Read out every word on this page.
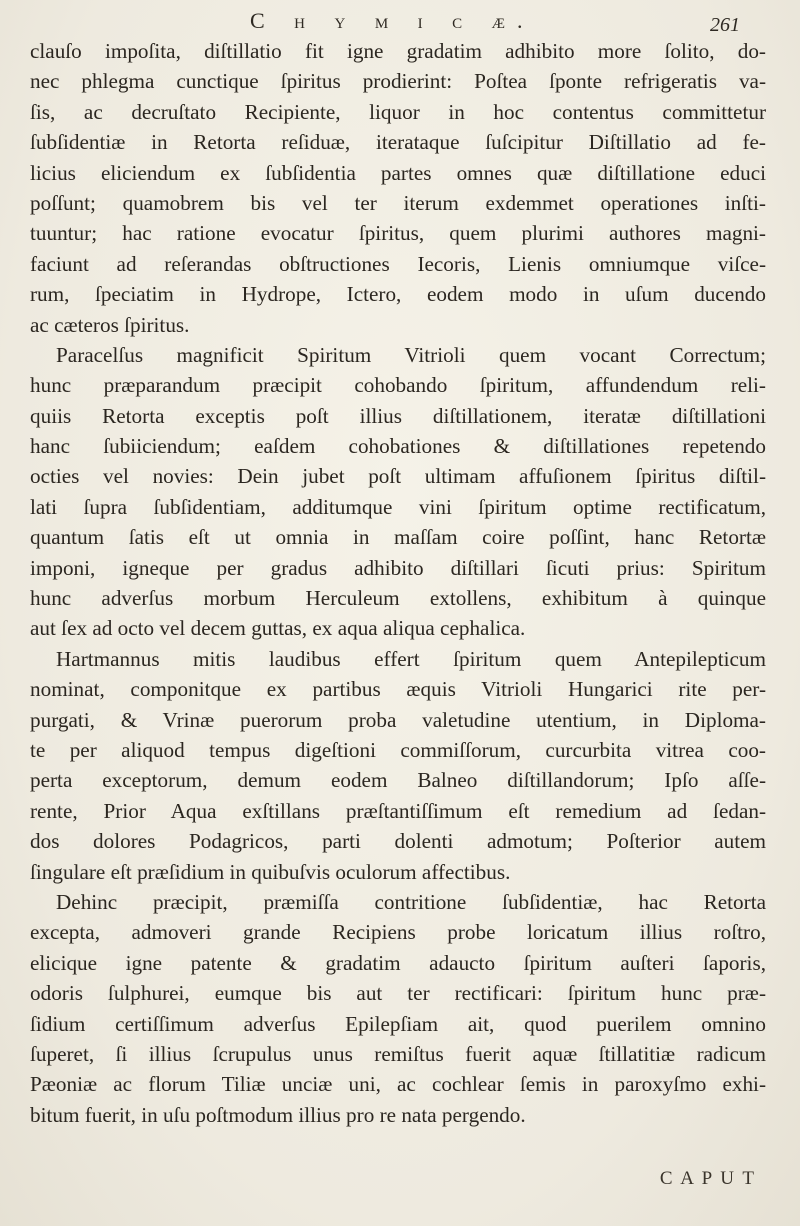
C h y m i c æ.	261
clauſo impoſita, diſtillatio fit igne gradatim adhibito more ſolito, do-
nec phlegma cunctique ſpiritus prodierint: Poſtea ſponte refrigeratis va-
ſis, ac decruſtato Recipiente, liquor in hoc contentus committetur
ſubſidentiæ in Retorta reſiduæ, iterataque ſuſcipitur Diſtillatio ad fe-
licius eliciendum ex ſubſidentia partes omnes quæ diſtillatione educi
poſſunt; quamobrem bis vel ter iterum exdemmet operationes inſti-
tuuntur; hac ratione evocatur ſpiritus, quem plurimi authores magni-
faciunt ad reſerandas obſtructiones Iecoris, Lienis omniumque viſce-
rum, ſpeciatim in Hydrope, Ictero, eodem modo in uſum ducendo
ac cæteros ſpiritus.
Paracelſus magnificit Spiritum Vitrioli quem vocant Correctum;
hunc præparandum præcipit cohobando ſpiritum, affundendum reli-
quiis Retorta exceptis poſt illius diſtillationem, iteratæ diſtillationi
hanc ſubiiciendum; eaſdem cohobationes & diſtillationes repetendo
octies vel novies: Dein jubet poſt ultimam affuſionem ſpiritus diſtil-
lati ſupra ſubſidentiam, additumque vini ſpiritum optime rectificatum,
quantum ſatis eſt ut omnia in maſſam coire poſſint, hanc Retortæ
imponi, igneque per gradus adhibito diſtillari ſicuti prius: Spiritum
hunc adverſus morbum Herculeum extollens, exhibitum à quinque
aut ſex ad octo vel decem guttas, ex aqua aliqua cephalica.
Hartmannus mitis laudibus effert ſpiritum quem Antepilepticum
nominat, componitque ex partibus æquis Vitrioli Hungarici rite per-
purgati, & Vrinæ puerorum proba valetudine utentium, in Diploma-
te per aliquod tempus digeſtioni commiſſorum, curcurbita vitrea coo-
perta exceptorum, demum eodem Balneo diſtillandorum; Ipſo aſſe-
rente, Prior Aqua exſtillans præſtantiſſimum eſt remedium ad ſedan-
dos dolores Podagricos, parti dolenti admotum; Poſterior autem
ſingulare eſt præſidium in quibuſvis oculorum affectibus.
Dehinc præcipit, præmiſſa contritione ſubſidentiæ, hac Retorta
excepta, admoveri grande Recipiens probe loricatum illius roſtro,
elicique igne patente & gradatim adaucto ſpiritum auſteri ſaporis,
odoris ſulphurei, eumque bis aut ter rectificari: ſpiritum hunc præ-
ſidium certiſſimum adverſus Epilepſiam ait, quod puerilem omnino
ſuperet, ſi illius ſcrupulus unus remiſtus fuerit aquæ ſtillatitiæ radicum
Pæoniæ ac florum Tiliæ unciæ uni, ac cochlear ſemis in paroxyſmo exhi-
bitum fuerit, in uſu poſtmodum illius pro re nata pergendo.
C A P U T
